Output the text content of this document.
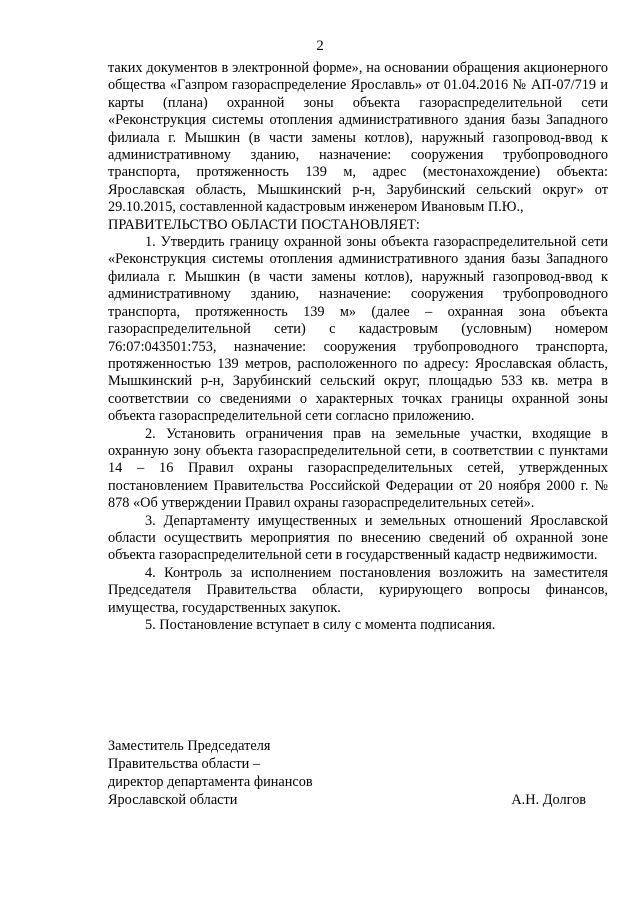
2

таких документов в электронной форме», на основании обращения акционерного общества «Газпром газораспределение Ярославль» от 01.04.2016 № АП-07/719 и карты (плана) охранной зоны объекта газораспределительной сети «Реконструкция системы отопления административного здания базы Западного филиала г. Мышкин (в части замены котлов), наружный газопровод-ввод к административному зданию, назначение: сооружения трубопроводного транспорта, протяженность 139 м, адрес (местонахождение) объекта: Ярославская область, Мышкинский р-н, Зарубинский сельский округ» от 29.10.2015, составленной кадастровым инженером Ивановым П.Ю.,

ПРАВИТЕЛЬСТВО ОБЛАСТИ ПОСТАНОВЛЯЕТ:

1. Утвердить границу охранной зоны объекта газораспределительной сети «Реконструкция системы отопления административного здания базы Западного филиала г. Мышкин (в части замены котлов), наружный газопровод-ввод к административному зданию, назначение: сооружения трубопроводного транспорта, протяженность 139 м» (далее – охранная зона объекта газораспределительной сети) с кадастровым (условным) номером 76:07:043501:753, назначение: сооружения трубопроводного транспорта, протяженностью 139 метров, расположенного по адресу: Ярославская область, Мышкинский р-н, Зарубинский сельский округ, площадью 533 кв. метра в соответствии со сведениями о характерных точках границы охранной зоны объекта газораспределительной сети согласно приложению.

2. Установить ограничения прав на земельные участки, входящие в охранную зону объекта газораспределительной сети, в соответствии с пунктами 14 – 16 Правил охраны газораспределительных сетей, утвержденных постановлением Правительства Российской Федерации от 20 ноября 2000 г. № 878 «Об утверждении Правил охраны газораспределительных сетей».

3. Департаменту имущественных и земельных отношений Ярославской области осуществить мероприятия по внесению сведений об охранной зоне объекта газораспределительной сети в государственный кадастр недвижимости.

4. Контроль за исполнением постановления возложить на заместителя Председателя Правительства области, курирующего вопросы финансов, имущества, государственных закупок.

5. Постановление вступает в силу с момента подписания.

Заместитель Председателя
Правительства области –
директор департамента финансов
Ярославской области	А.Н. Долгов
